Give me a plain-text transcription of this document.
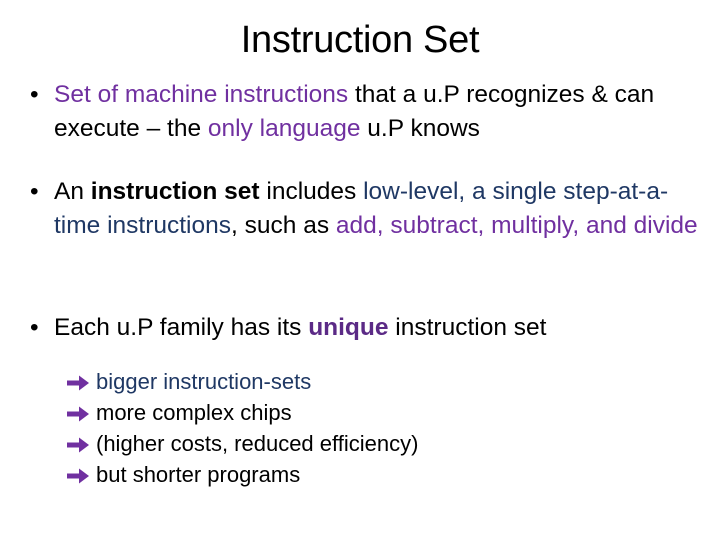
Instruction Set
• Set of machine instructions that a u.P recognizes & can execute – the only language u.P knows
• An instruction set includes low-level, a single step-at-a-time instructions, such as add, subtract, multiply, and divide
• Each u.P family has its unique instruction set
bigger instruction-sets
more complex chips
(higher costs, reduced efficiency)
but shorter programs
